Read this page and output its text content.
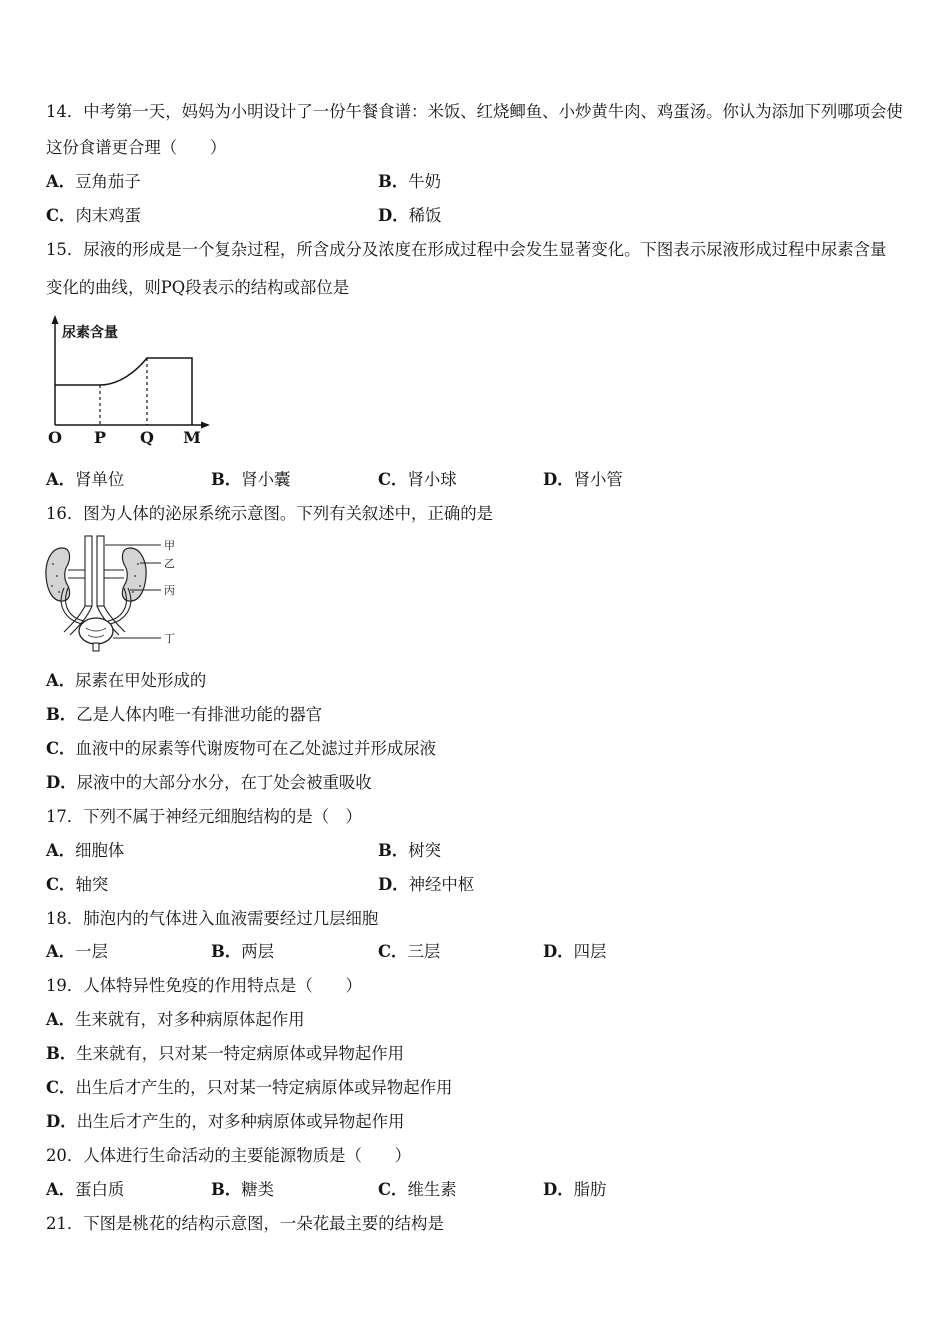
14．中考第一天，妈妈为小明设计了一份午餐食谱：米饭、红烧鲫鱼、小炒黄牛肉、鸡蛋汤。你认为添加下列哪项会使
这份食谱更合理（　　）
A．豆角茄子	B．牛奶
C．肉末鸡蛋	D．稀饭
15．尿液的形成是一个复杂过程，所含成分及浓度在形成过程中会发生显著变化。下图表示尿液形成过程中尿素含量
变化的曲线，则PQ段表示的结构或部位是
尿素含量
O P Q M
A．肾单位	B．肾小囊	C．肾小球	D．肾小管
16．图为人体的泌尿系统示意图。下列有关叙述中，正确的是
甲
乙
丙
丁
A．尿素在甲处形成的
B．乙是人体内唯一有排泄功能的器官
C．血液中的尿素等代谢废物可在乙处滤过并形成尿液
D．尿液中的大部分水分，在丁处会被重吸收
17．下列不属于神经元细胞结构的是（　）
A．细胞体	B．树突
C．轴突	D．神经中枢
18．肺泡内的气体进入血液需要经过几层细胞
A．一层	B．两层	C．三层	D．四层
19．人体特异性免疫的作用特点是（　　）
A．生来就有，对多种病原体起作用
B．生来就有，只对某一特定病原体或异物起作用
C．出生后才产生的，只对某一特定病原体或异物起作用
D．出生后才产生的，对多种病原体或异物起作用
20．人体进行生命活动的主要能源物质是（　　）
A．蛋白质	B．糖类	C．维生素	D．脂肪
21．下图是桃花的结构示意图，一朵花最主要的结构是
